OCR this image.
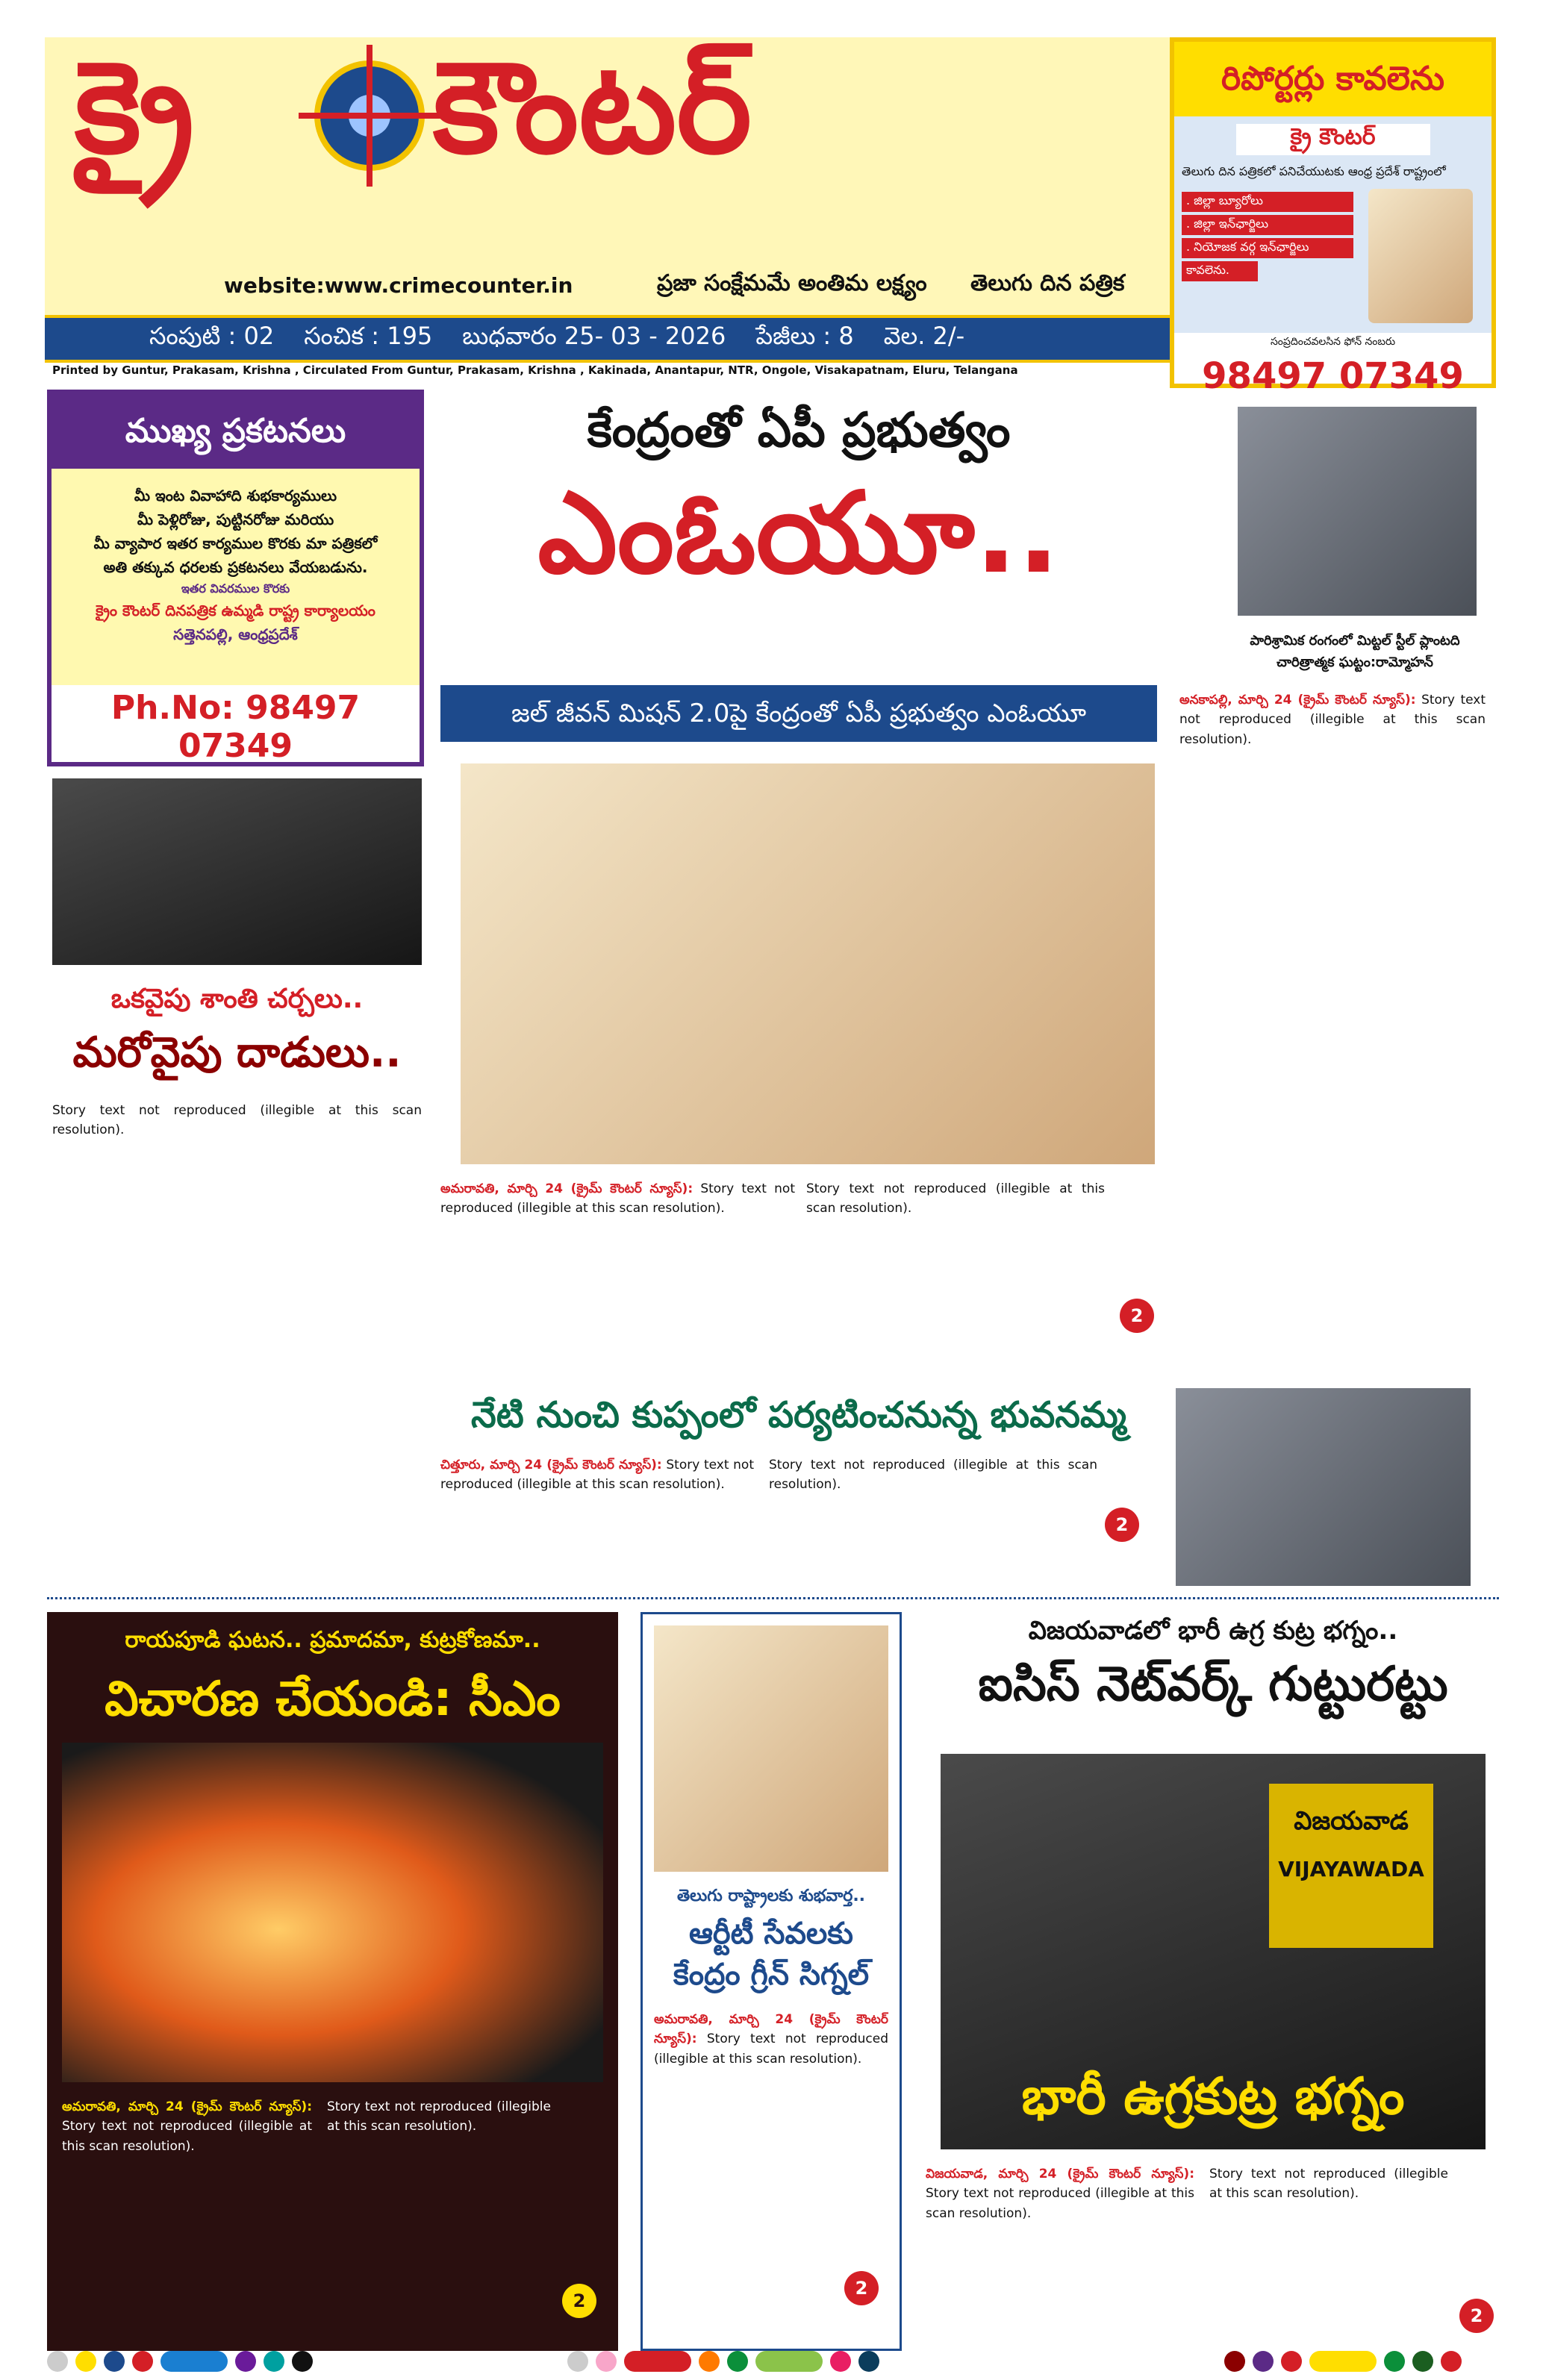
క్రై కౌంటర్
website:www.crimecounter.in	ప్రజా సంక్షేమమే అంతిమ లక్ష్యం తెలుగు దిన పత్రిక
సంపుటి : 02 సంచిక : 195 బుధవారం 25- 03 - 2026 పేజీలు : 8 వెల. 2/-
Printed by Guntur, Prakasam, Krishna , Circulated From Guntur, Prakasam, Krishna , Kakinada, Anantapur, NTR, Ongole, Visakapatnam, Eluru, Telangana
రిపోర్టర్లు కావలెను
క్రై కౌంటర్
తెలుగు దిన పత్రికలో పనిచేయుటకు ఆంధ్ర ప్రదేశ్ రాష్ట్రంలో
. జిల్లా బ్యూరోలు
. జిల్లా ఇన్‌ఛార్జిలు
. నియోజక వర్గ ఇన్‌ఛార్జిలు
కావలెను.
సంప్రదించవలసిన ఫోన్ నంబరు
98497 07349
ముఖ్య ప్రకటనలు
మీ ఇంట వివాహాది శుభకార్యములు
మీ పెళ్లిరోజు, పుట్టినరోజు మరియు
మీ వ్యాపార ఇతర కార్యముల కొరకు మా పత్రికలో
అతి తక్కువ ధరలకు ప్రకటనలు వేయబడును.
ఇతర వివరముల కొరకు
క్రైం కౌంటర్ దినపత్రిక ఉమ్మడి రాష్ట్ర కార్యాలయం
సత్తెనపల్లి, ఆంధ్రప్రదేశ్
Ph.No: 98497 07349
ఒకవైపు శాంతి చర్చలు..
మరోవైపు దాడులు..
Story text not reproduced (illegible at this scan resolution).
కేంద్రంతో ఏపీ ప్రభుత్వం
ఎంఓయూ..
జల్ జీవన్ మిషన్ 2.0పై కేంద్రంతో ఏపీ ప్రభుత్వం ఎంఓయూ
అమరావతి, మార్చి 24 (క్రైమ్ కౌంటర్ న్యూస్): Story text not reproduced (illegible at this scan resolution).
Story text not reproduced (illegible at this scan resolution).
2
పారిశ్రామిక రంగంలో మిట్టల్ స్టీల్ ప్లాంటది చారిత్రాత్మక ఘట్టం:రామ్మోహన్
అనకాపల్లి, మార్చి 24 (క్రైమ్ కౌంటర్ న్యూస్): Story text not reproduced (illegible at this scan resolution).
నేటి నుంచి కుప్పంలో పర్యటించనున్న భువనమ్మ
చిత్తూరు, మార్చి 24 (క్రైమ్ కౌంటర్ న్యూస్): Story text not reproduced (illegible at this scan resolution).
Story text not reproduced (illegible at this scan resolution).
2
రాయపూడి ఘటన.. ప్రమాదమా, కుట్రకోణమా..
విచారణ చేయండి: సీఎం
అమరావతి, మార్చి 24 (క్రైమ్ కౌంటర్ న్యూస్): Story text not reproduced (illegible at this scan resolution).
Story text not reproduced (illegible at this scan resolution).
2
తెలుగు రాష్ట్రాలకు శుభవార్త..
ఆర్టీటీ సేవలకు
కేంద్రం గ్రీన్ సిగ్నల్
అమరావతి, మార్చి 24 (క్రైమ్ కౌంటర్ న్యూస్): Story text not reproduced (illegible at this scan resolution).
2
విజయవాడలో భారీ ఉగ్ర కుట్ర భగ్నం..
ఐసిస్ నెట్‌వర్క్ గుట్టురట్టు
విజయవాడ
VIJAYAWADA
భారీ ఉగ్రకుట్ర భగ్నం
విజయవాడ, మార్చి 24 (క్రైమ్ కౌంటర్ న్యూస్): Story text not reproduced (illegible at this scan resolution).
Story text not reproduced (illegible at this scan resolution).
2
